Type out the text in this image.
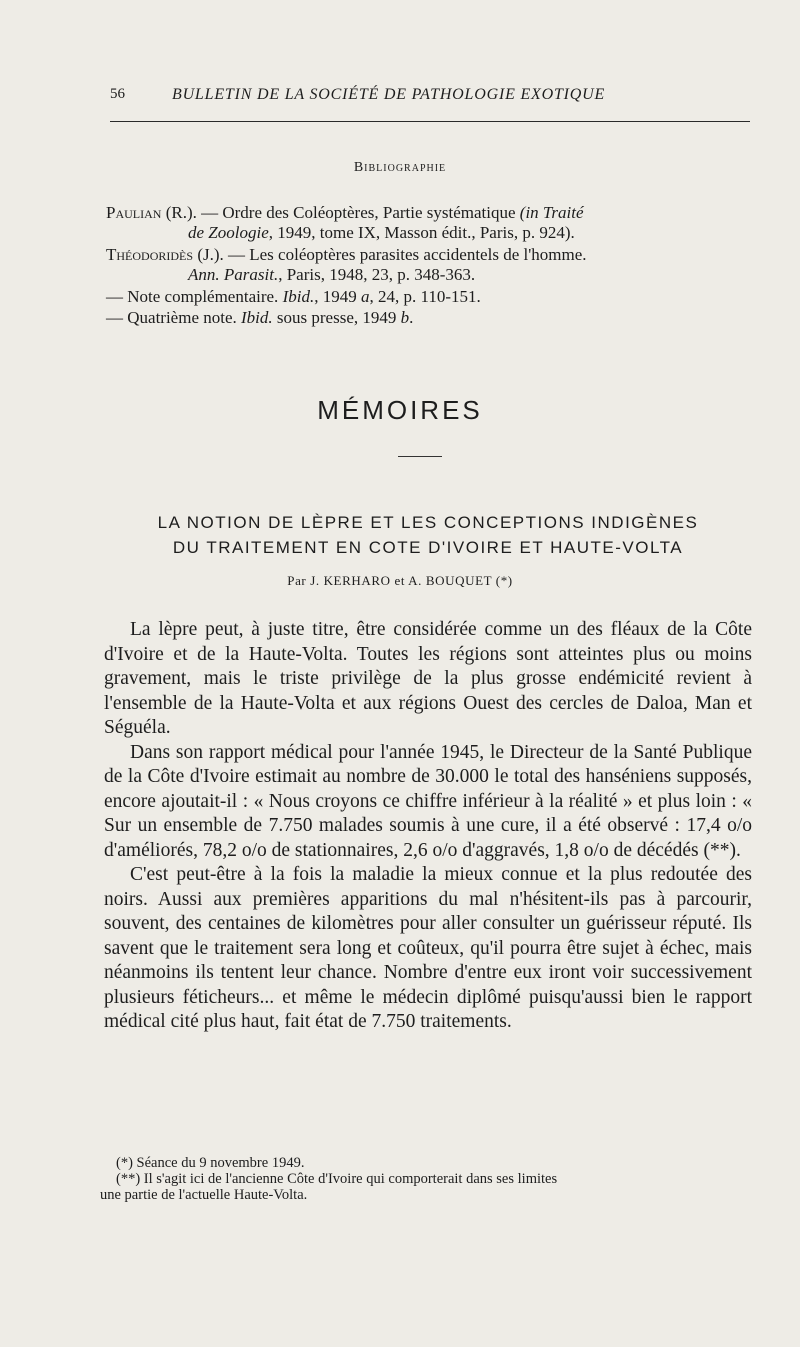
56	BULLETIN DE LA SOCIÉTÉ DE PATHOLOGIE EXOTIQUE
Bibliographie
Paulian (R.). — Ordre des Coléoptères, Partie systématique (in Traité
de Zoologie, 1949, tome IX, Masson édit., Paris, p. 924).
Théodoridès (J.). — Les coléoptères parasites accidentels de l'homme.
Ann. Parasit., Paris, 1948, 23, p. 348-363.
— Note complémentaire. Ibid., 1949 a, 24, p. 110-151.
— Quatrième note. Ibid. sous presse, 1949 b.
MÉMOIRES
LA NOTION DE LÈPRE ET LES CONCEPTIONS INDIGÈNES
DU TRAITEMENT EN COTE D'IVOIRE ET HAUTE-VOLTA
Par J. KERHARO et A. BOUQUET (*)

La lèpre peut, à juste titre, être considérée comme un des fléaux de la Côte d'Ivoire et de la Haute-Volta. Toutes les régions sont atteintes plus ou moins gravement, mais le triste privilège de la plus grosse endémicité revient à l'ensemble de la Haute-Volta et aux régions Ouest des cercles de Daloa, Man et Séguéla.

Dans son rapport médical pour l'année 1945, le Directeur de la Santé Publique de la Côte d'Ivoire estimait au nombre de 30.000 le total des hanséniens supposés, encore ajoutait-il : « Nous croyons ce chiffre inférieur à la réalité » et plus loin : « Sur un ensemble de 7.750 malades soumis à une cure, il a été observé : 17,4 o/o d'améliorés, 78,2 o/o de stationnaires, 2,6 o/o d'aggravés, 1,8 o/o de décédés (**).

C'est peut-être à la fois la maladie la mieux connue et la plus redoutée des noirs. Aussi aux premières apparitions du mal n'hésitent-ils pas à parcourir, souvent, des centaines de kilomètres pour aller consulter un guérisseur réputé. Ils savent que le traitement sera long et coûteux, qu'il pourra être sujet à échec, mais néanmoins ils tentent leur chance. Nombre d'entre eux iront voir successivement plusieurs féticheurs... et même le médecin diplômé puisqu'aussi bien le rapport médical cité plus haut, fait état de 7.750 traitements.

(*) Séance du 9 novembre 1949.

(**) Il s'agit ici de l'ancienne Côte d'Ivoire qui comporterait dans ses limites

une partie de l'actuelle Haute-Volta.
